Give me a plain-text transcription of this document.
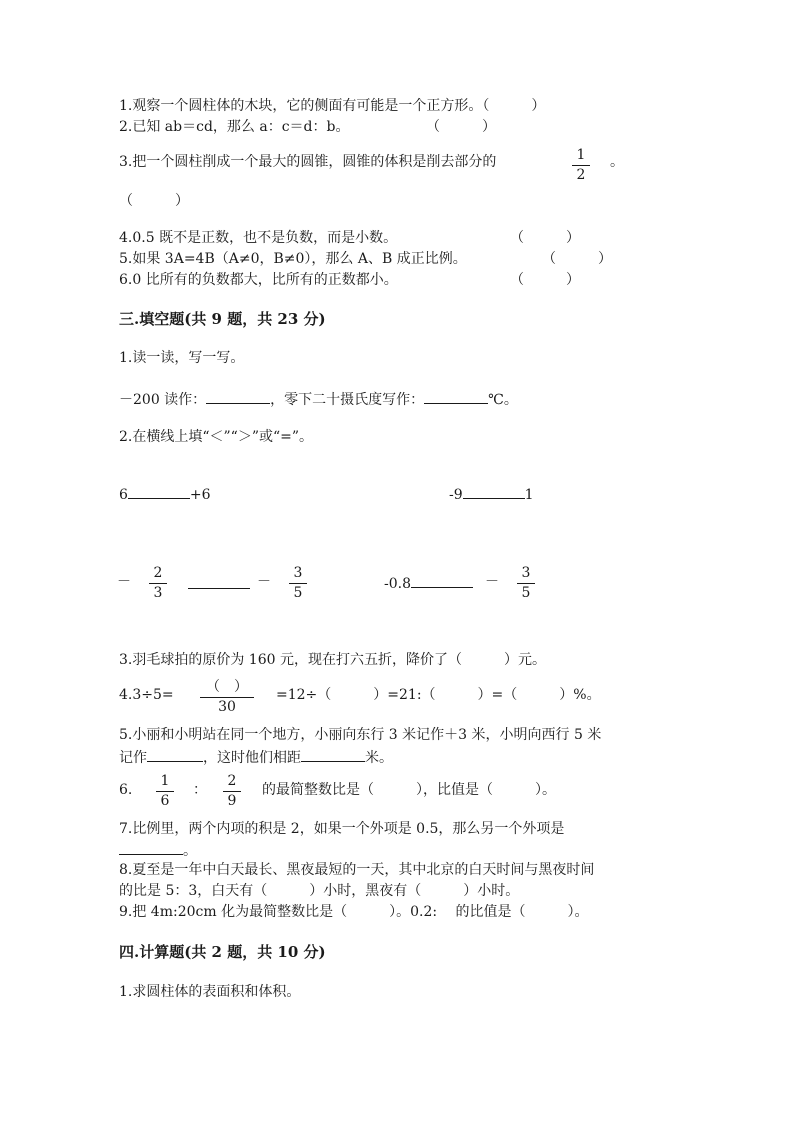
1.观察一个圆柱体的木块，它的侧面有可能是一个正方形。（　　　）
2.已知 ab＝cd，那么 a：c＝d：b。	（　　　）
3.把一个圆柱削成一个最大的圆锥，圆锥的体积是削去部分的	1
2
。
（　　　）
4.0.5 既不是正数，也不是负数，而是小数。	（　　　）
5.如果 3A=4B（A≠0，B≠0），那么 A、B 成正比例。	（　　　）
6.0 比所有的负数都大，比所有的正数都小。	（　　　）
三.填空题(共 9 题，共 23 分)
1.读一读，写一写。
－200 读作：	，零下二十摄氏度写作：	℃。
2.在横线上填“＜”“＞”或“=”。
6	+6	-9	1
－
2
3
－
3
5
-0.8	－
3
5
3.羽毛球拍的原价为 160 元，现在打六五折，降价了（　　　）元。
4.3÷5=	（　）
30
=12÷（　　　）=21:（　　　）=（　　　）%。
5.小丽和小明站在同一个地方，小丽向东行 3 米记作＋3 米，小明向西行 5 米
记作	，这时他们相距	米。
6.
1
6
：
2
9
的最简整数比是（　　　），比值是（　　　）。
7.比例里，两个内项的积是 2，如果一个外项是 0.5，那么另一个外项是
。
8.夏至是一年中白天最长、黑夜最短的一天，其中北京的白天时间与黑夜时间
的比是 5：3，白天有（　　　）小时，黑夜有（　　　）小时。
9.把 4m:20cm 化为最简整数比是（　　　）。0.2:　 的比值是（　　　）。
四.计算题(共 2 题，共 10 分)
1.求圆柱体的表面积和体积。
